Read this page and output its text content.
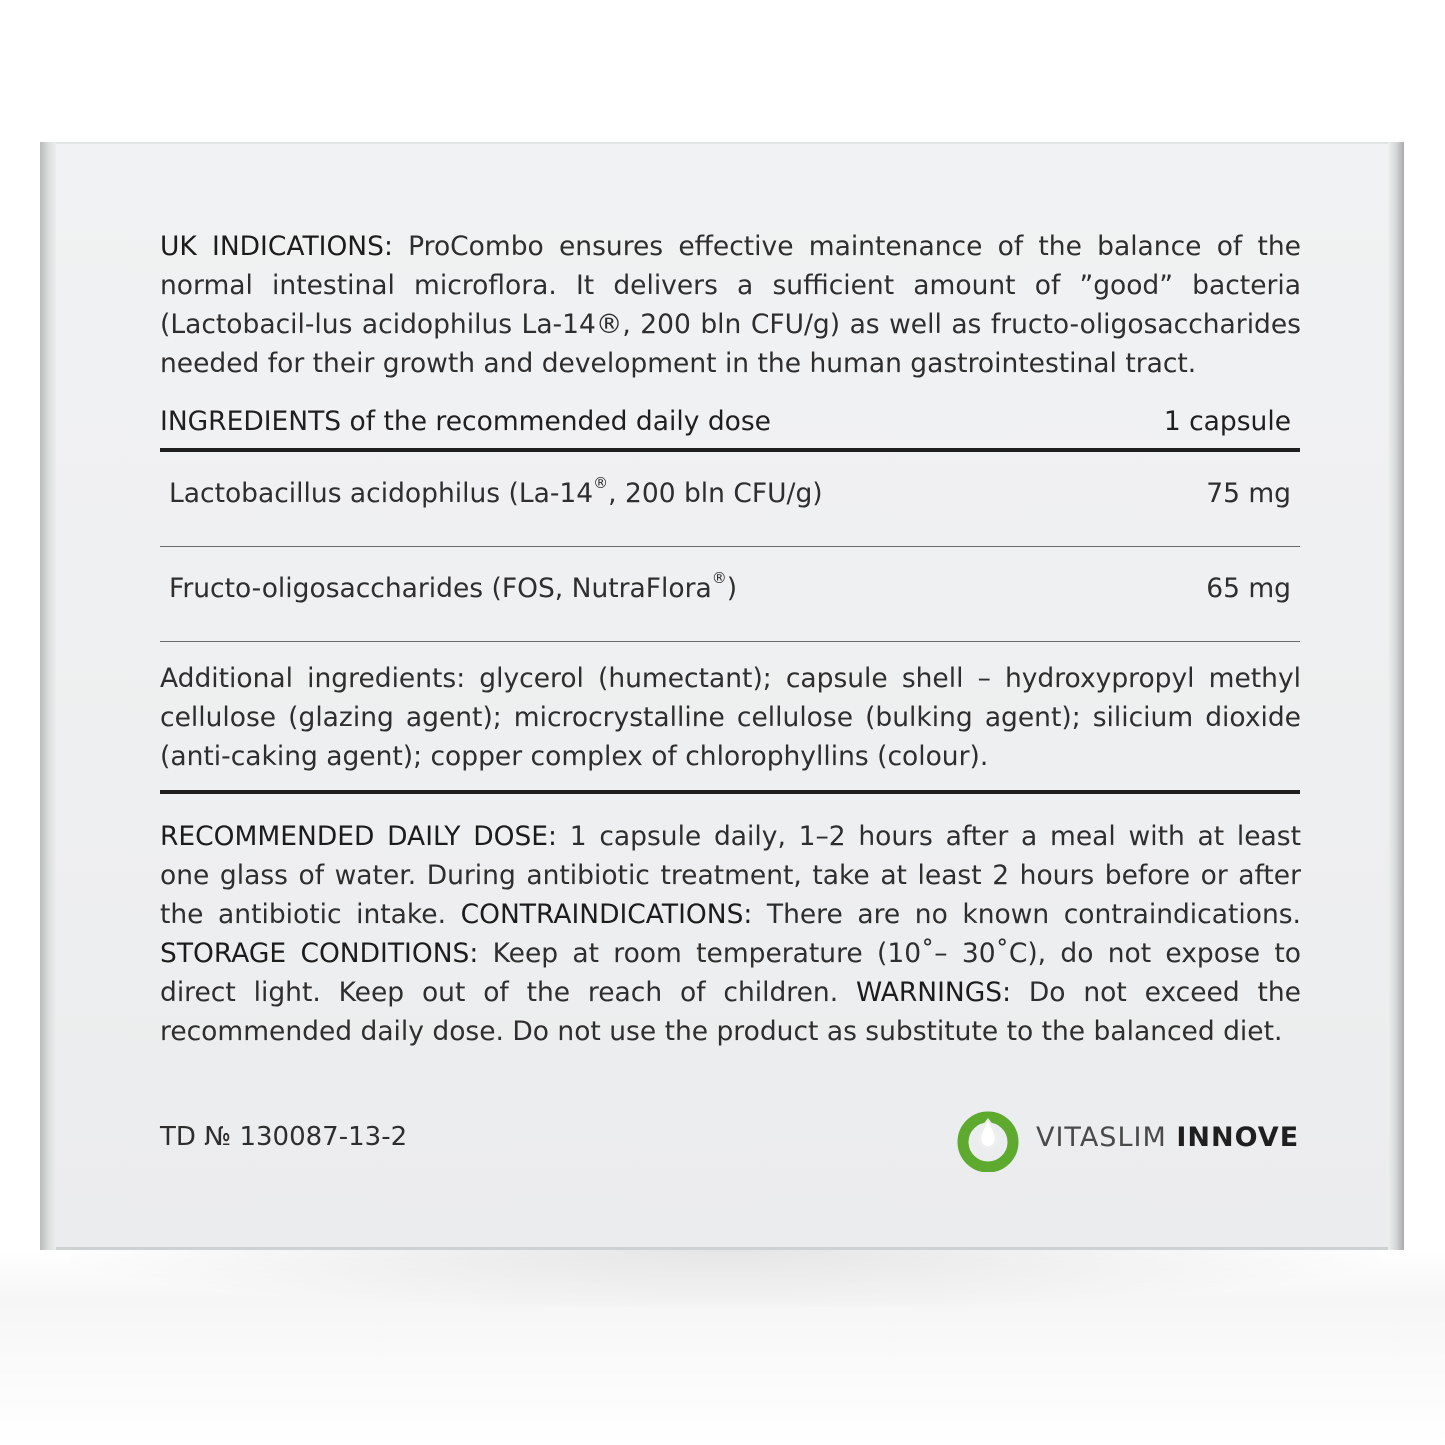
UK INDICATIONS: ProCombo ensures effective maintenance of the balance of the normal intestinal microflora. It delivers a sufficient amount of ”good” bacteria (Lactobacil-lus acidophilus La-14®, 200 bln CFU/g) as well as fructo-oligosaccharides needed for their growth and development in the human gastrointestinal tract.

INGREDIENTS of the recommended daily dose	1 capsule
Lactobacillus acidophilus (La-14®, 200 bln CFU/g)	75 mg
Fructo-oligosaccharides (FOS, NutraFlora®)	65 mg

Additional ingredients: glycerol (humectant); capsule shell – hydroxypropyl methyl cellulose (glazing agent); microcrystalline cellulose (bulking agent); silicium dioxide (anti-caking agent); copper complex of chlorophyllins (colour).

RECOMMENDED DAILY DOSE: 1 capsule daily, 1–2 hours after a meal with at least one glass of water. During antibiotic treatment, take at least 2 hours before or after the antibiotic intake. CONTRAINDICATIONS: There are no known contraindications. STORAGE CONDITIONS: Keep at room temperature (10˚– 30˚C), do not expose to direct light. Keep out of the reach of children. WARNINGS: Do not exceed the recommended daily dose. Do not use the product as substitute to the balanced diet.

TD № 130087-13-2	VITASLIM INNOVE
